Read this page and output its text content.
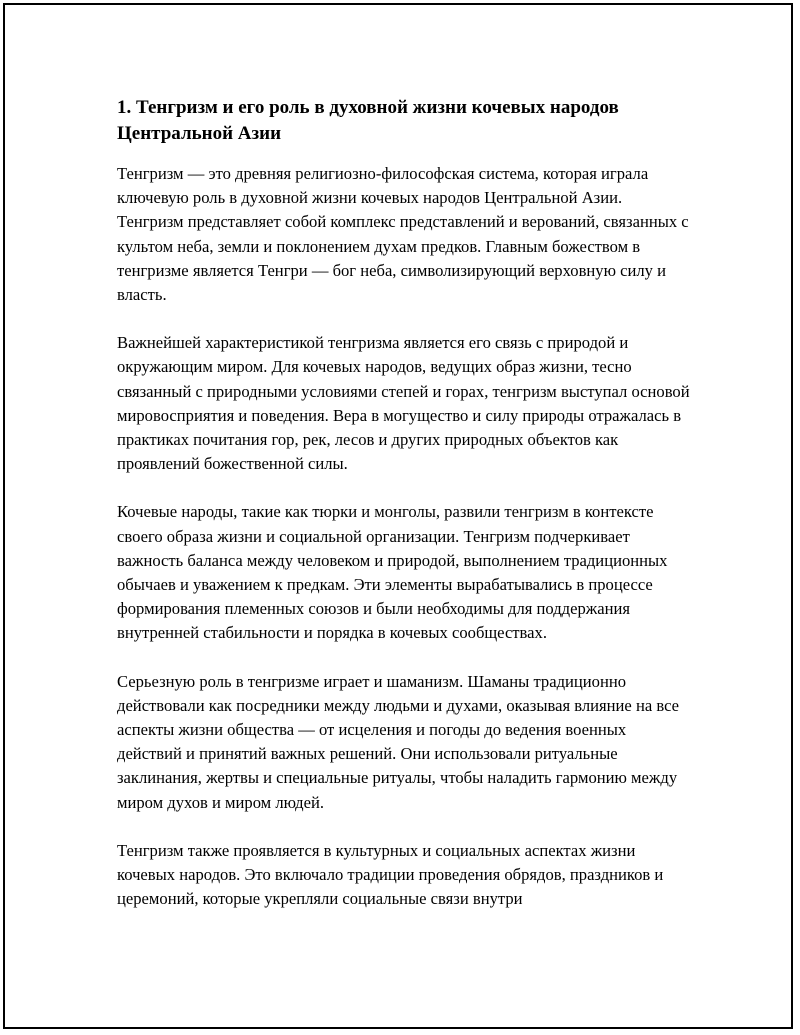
1. Тенгризм и его роль в духовной жизни кочевых народов Центральной Азии

Тенгризм — это древняя религиозно-философская система, которая играла ключевую роль в духовной жизни кочевых народов Центральной Азии. Тенгризм представляет собой комплекс представлений и верований, связанных с культом неба, земли и поклонением духам предков. Главным божеством в тенгризме является Тенгри — бог неба, символизирующий верховную силу и власть.

Важнейшей характеристикой тенгризма является его связь с природой и окружающим миром. Для кочевых народов, ведущих образ жизни, тесно связанный с природными условиями степей и горах, тенгризм выступал основой мировосприятия и поведения. Вера в могущество и силу природы отражалась в практиках почитания гор, рек, лесов и других природных объектов как проявлений божественной силы.

Кочевые народы, такие как тюрки и монголы, развили тенгризм в контексте своего образа жизни и социальной организации. Тенгризм подчеркивает важность баланса между человеком и природой, выполнением традиционных обычаев и уважением к предкам. Эти элементы вырабатывались в процессе формирования племенных союзов и были необходимы для поддержания внутренней стабильности и порядка в кочевых сообществах.

Серьезную роль в тенгризме играет и шаманизм. Шаманы традиционно действовали как посредники между людьми и духами, оказывая влияние на все аспекты жизни общества — от исцеления и погоды до ведения военных действий и принятий важных решений. Они использовали ритуальные заклинания, жертвы и специальные ритуалы, чтобы наладить гармонию между миром духов и миром людей.

Тенгризм также проявляется в культурных и социальных аспектах жизни кочевых народов. Это включало традиции проведения обрядов, праздников и церемоний, которые укрепляли социальные связи внутри
